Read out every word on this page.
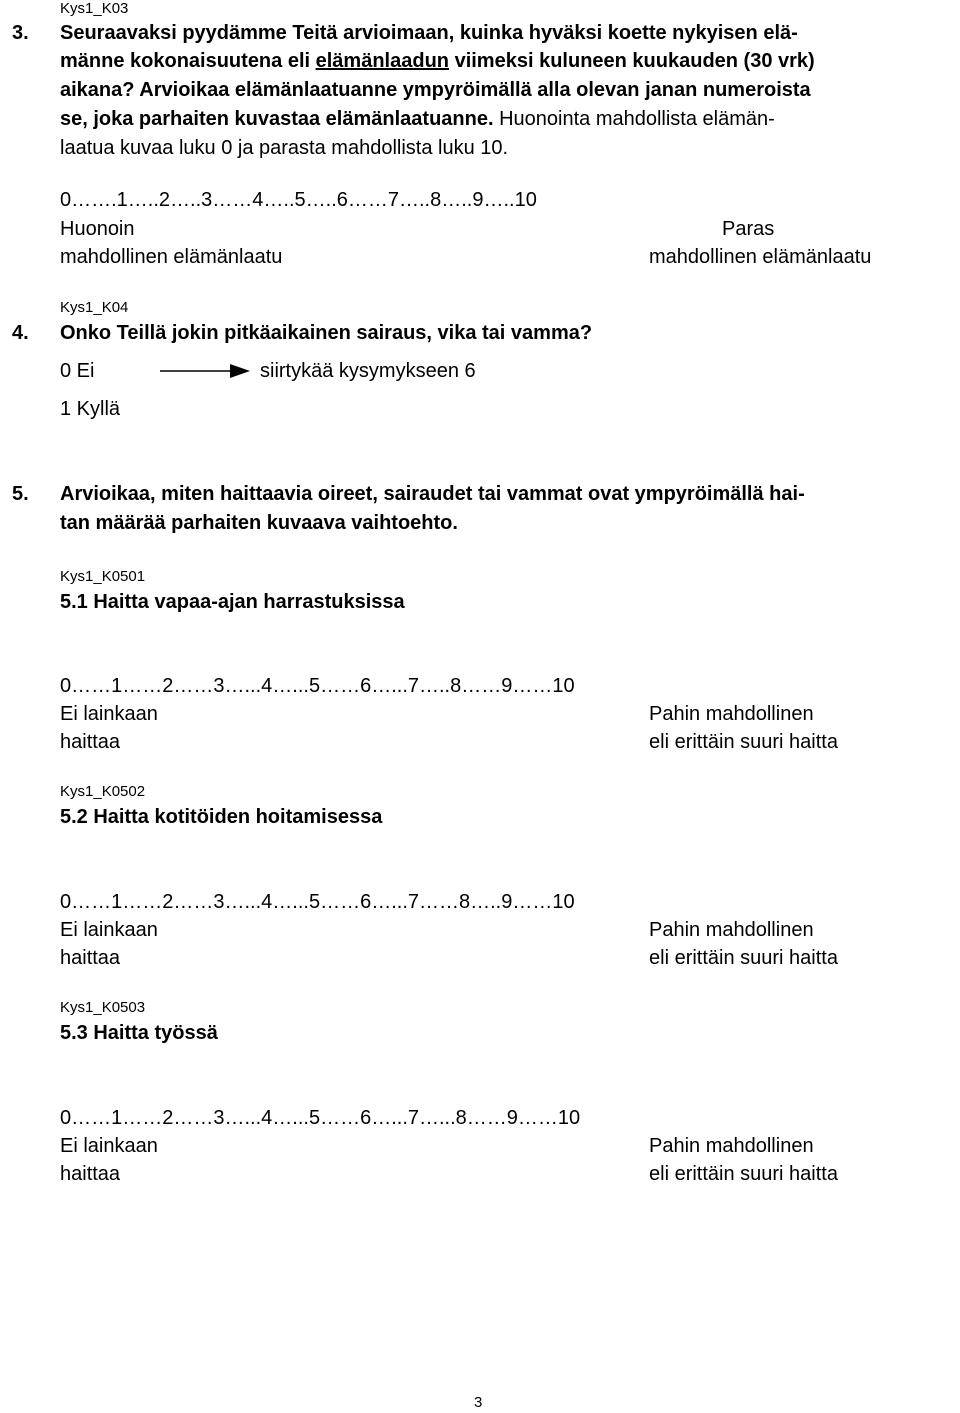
Kys1_K03
3. Seuraavaksi pyydämme Teitä arvioimaan, kuinka hyväksi koette nykyisen elä-
männe kokonaisuutena eli elämänlaadun viimeksi kuluneen kuukauden (30 vrk)
aikana? Arvioikaa elämänlaatuanne ympyröimällä alla olevan janan numeroista
se, joka parhaiten kuvastaa elämänlaatuanne. Huonointa mahdollista elämän-
laatua kuvaa luku 0 ja parasta mahdollista luku 10.
0…….1…..2…..3……4…..5…..6……7…..8…..9…..10
Huonoin
mahdollinen elämänlaatu
Paras
mahdollinen elämänlaatu
Kys1_K04
4. Onko Teillä jokin pitkäaikainen sairaus, vika tai vamma?
0 Ei	siirtykää kysymykseen 6
1 Kyllä
5. Arvioikaa, miten haittaavia oireet, sairaudet tai vammat ovat ympyröimällä hai-
tan määrää parhaiten kuvaava vaihtoehto.
Kys1_K0501
5.1 Haitta vapaa-ajan harrastuksissa
0……1……2……3…...4…...5……6…...7…..8……9……10
Ei lainkaan
haittaa
Pahin mahdollinen
eli erittäin suuri haitta
Kys1_K0502
5.2 Haitta kotitöiden hoitamisessa
0……1……2……3…...4…...5……6…...7……8…..9……10
Ei lainkaan
haittaa
Pahin mahdollinen
eli erittäin suuri haitta
Kys1_K0503
5.3 Haitta työssä
0……1……2……3…...4…...5……6…...7…...8……9……10
Ei lainkaan
haittaa
Pahin mahdollinen
eli erittäin suuri haitta
3
